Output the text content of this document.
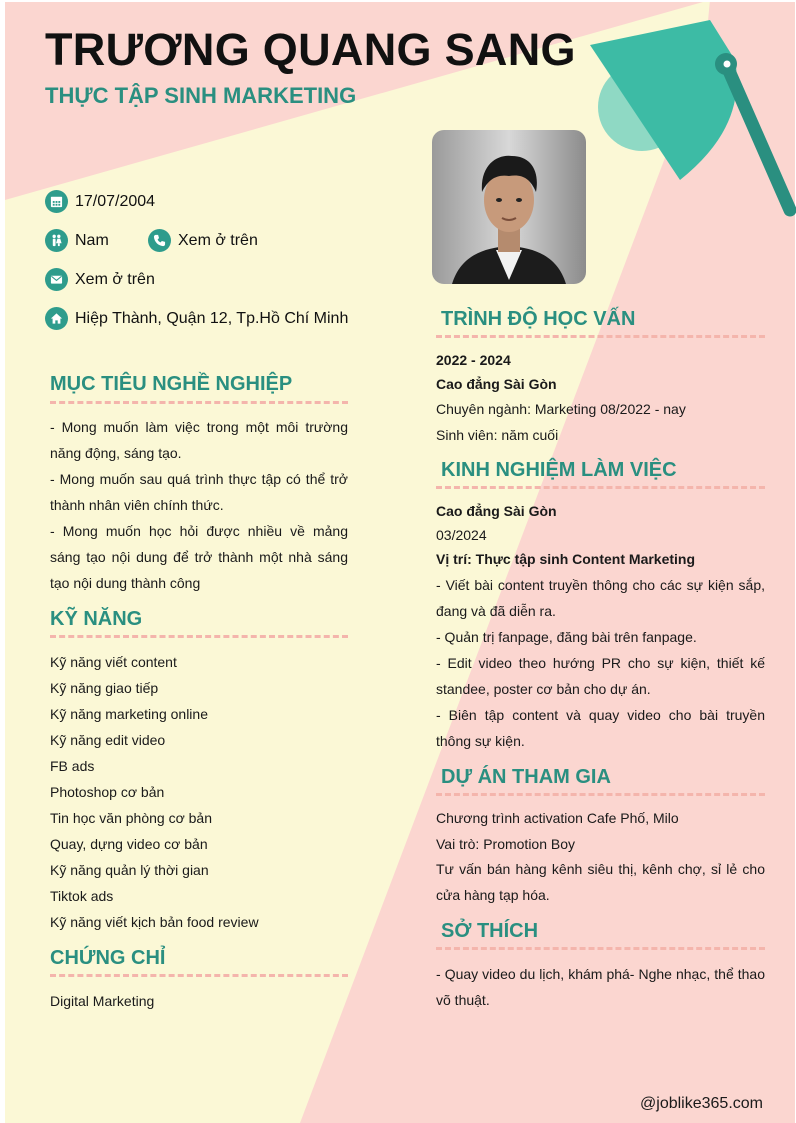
TRƯƠNG QUANG SANG
THỰC TẬP SINH MARKETING
17/07/2004
Nam	Xem ở trên
Xem ở trên
Hiệp Thành, Quận 12, Tp.Hồ Chí Minh
MỤC TIÊU NGHỀ NGHIỆP
- Mong muốn làm việc trong một môi trường năng động, sáng tạo.
- Mong muốn sau quá trình thực tập có thể trở thành nhân viên chính thức.
- Mong muốn học hỏi được nhiều về mảng sáng tạo nội dung để trở thành một nhà sáng tạo nội dung thành công
KỸ NĂNG
Kỹ năng viết content
Kỹ năng giao tiếp
Kỹ năng marketing online
Kỹ năng edit video
FB ads
Photoshop cơ bản
Tin học văn phòng cơ bản
Quay, dựng video cơ bản
Kỹ năng quản lý thời gian
Tiktok ads
Kỹ năng viết kịch bản food review
CHỨNG CHỈ
Digital Marketing
TRÌNH ĐỘ HỌC VẤN
2022 - 2024
Cao đẳng Sài Gòn
Chuyên ngành: Marketing 08/2022 - nay
Sinh viên: năm cuối
KINH NGHIỆM LÀM VIỆC
Cao đẳng Sài Gòn
03/2024
Vị trí: Thực tập sinh Content Marketing
- Viết bài content truyền thông cho các sự kiện sắp, đang và đã diễn ra.
- Quản trị fanpage, đăng bài trên fanpage.
- Edit video theo hướng PR cho sự kiện, thiết kế standee, poster cơ bản cho dự án.
- Biên tập content và quay video cho bài truyền thông sự kiện.
DỰ ÁN THAM GIA
Chương trình activation Cafe Phố, Milo
Vai trò: Promotion Boy
Tư vấn bán hàng kênh siêu thị, kênh chợ, sỉ lẻ cho cửa hàng tạp hóa.
SỞ THÍCH
- Quay video du lịch, khám phá- Nghe nhạc, thể thao võ thuật.
@joblike365.com
